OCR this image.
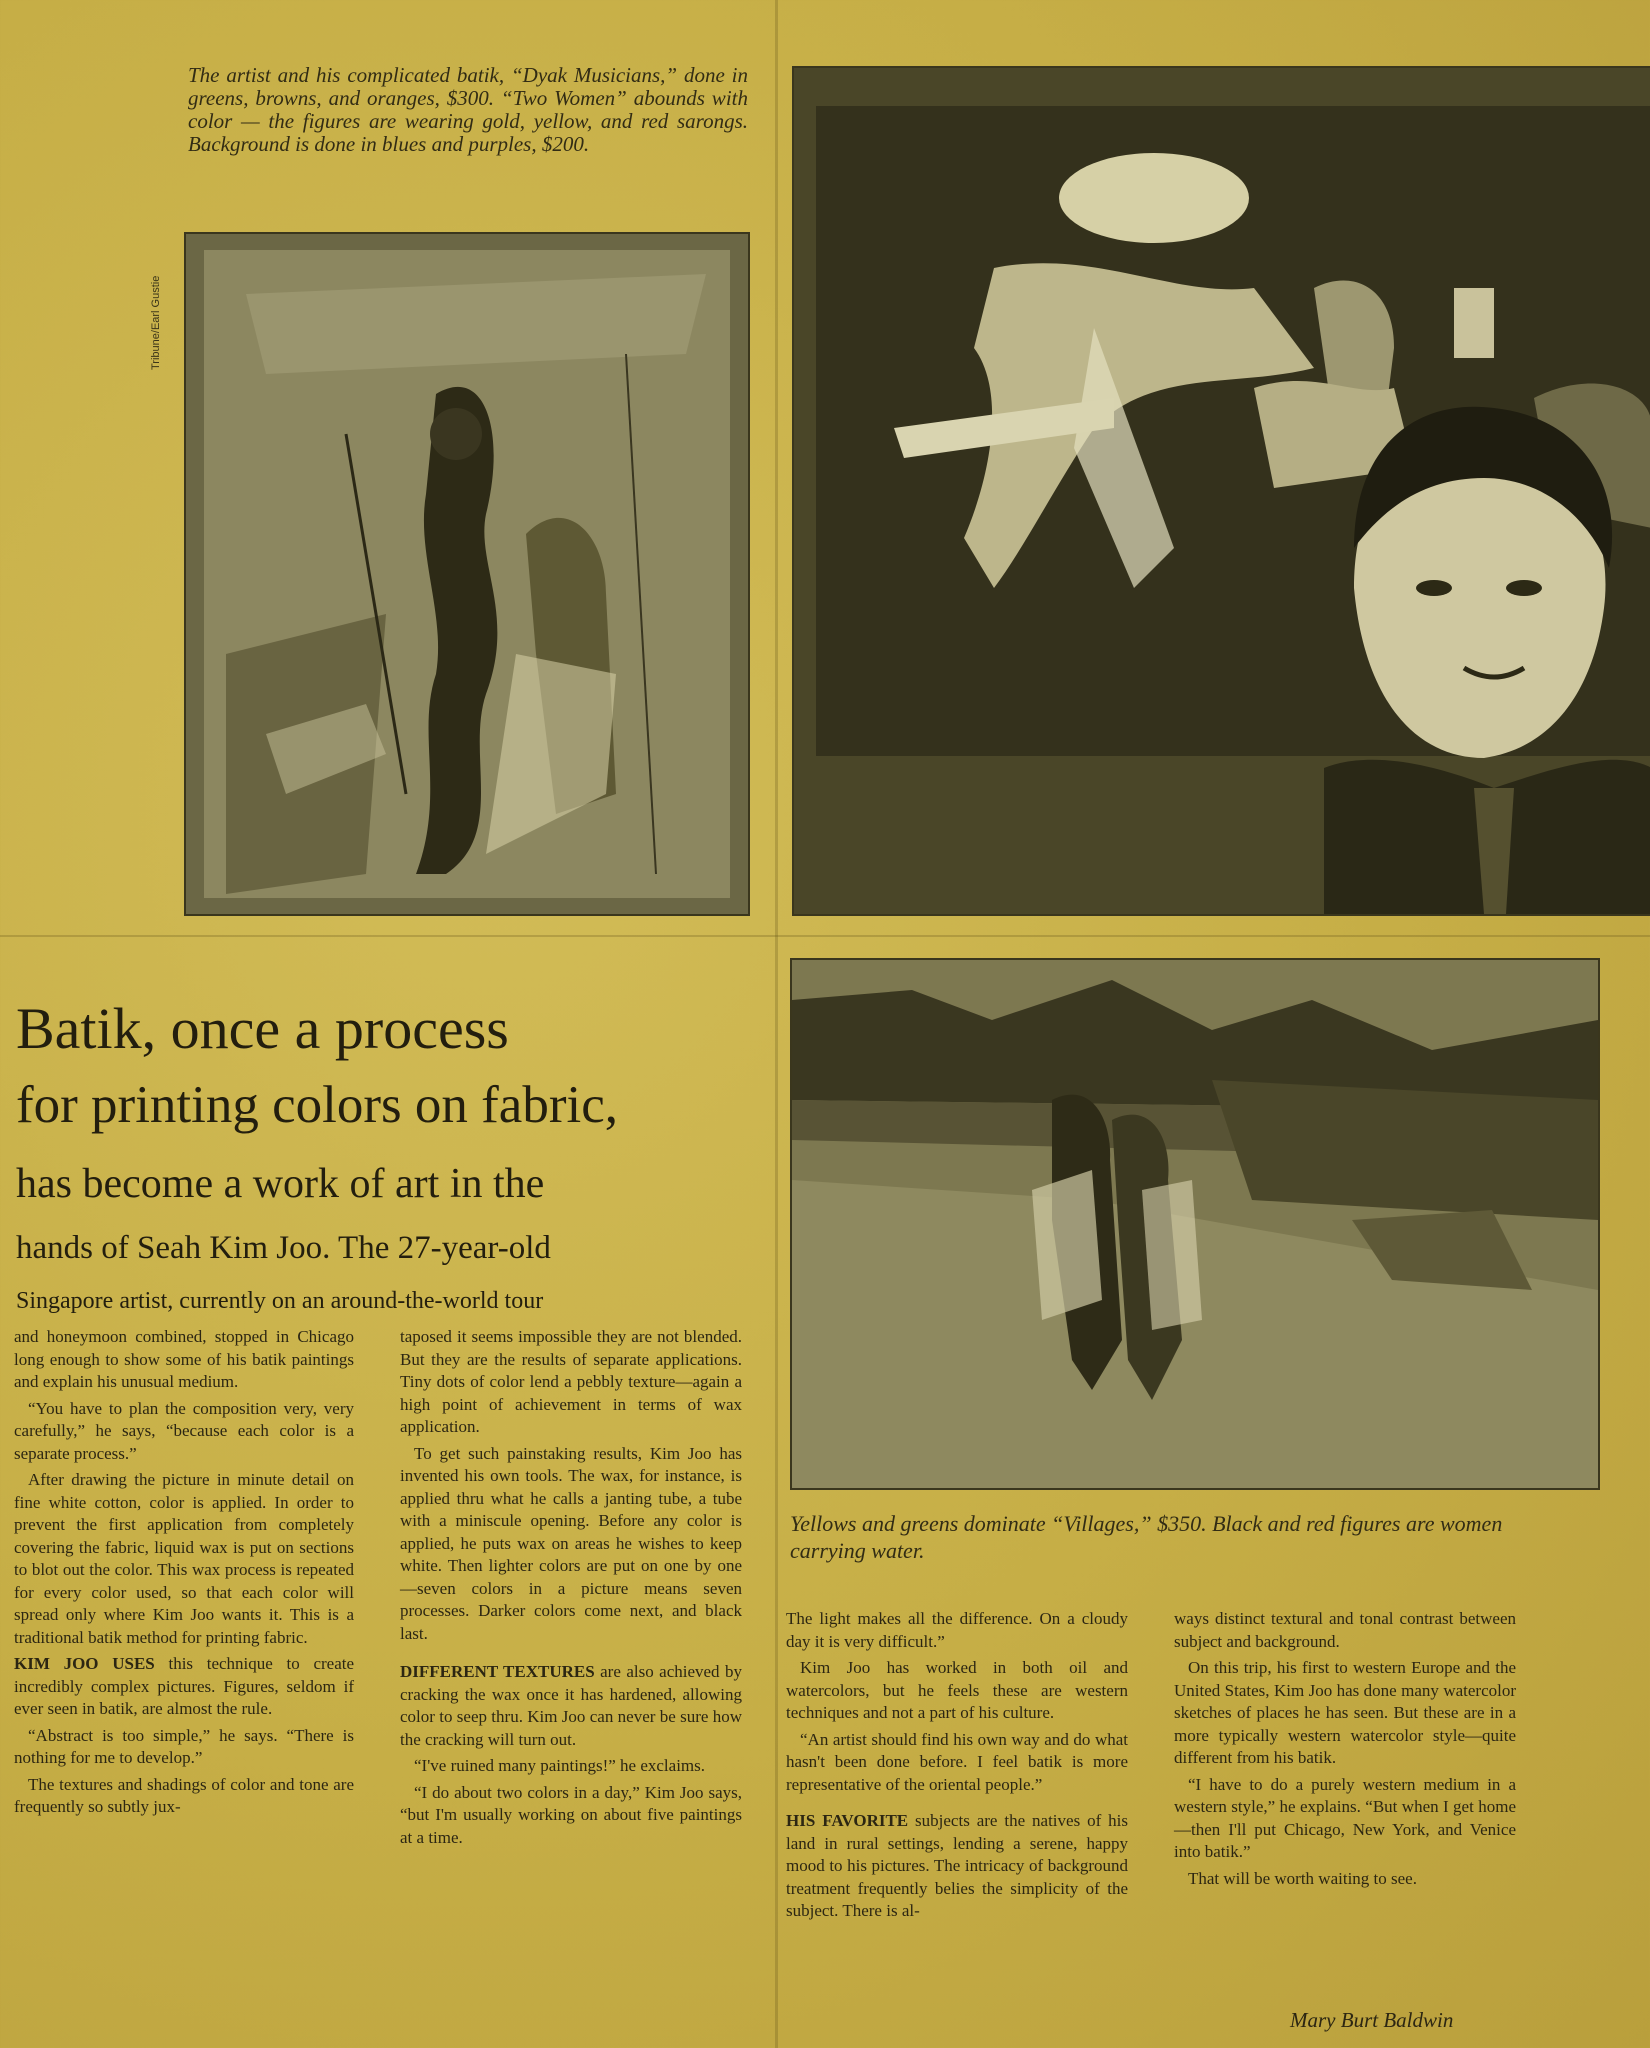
The artist and his complicated batik, “Dyak Musicians,” done in greens, browns, and oranges, $300. “Two Women” abounds with color — the figures are wearing gold, yellow, and red sarongs. Background is done in blues and purples, $200.
Tribune/Earl Gustie
Yellows and greens dominate “Villages,” $350. Black and red figures are women carrying water.
Batik, once a process
for printing colors on fabric,
has become a work of art in the
hands of Seah Kim Joo. The 27-year-old
Singapore artist, currently on an around-the-world tour

and honeymoon combined, stopped in Chicago long enough to show some of his batik paintings and explain his unusual medium.

“You have to plan the composition very, very carefully,” he says, “because each color is a separate process.”

After drawing the picture in minute detail on fine white cotton, color is applied. In order to prevent the first application from completely covering the fabric, liquid wax is put on sections to blot out the color. This wax process is repeated for every color used, so that each color will spread only where Kim Joo wants it. This is a traditional batik method for printing fabric.

KIM JOO USES this technique to create incredibly complex pictures. Figures, seldom if ever seen in batik, are almost the rule.

“Abstract is too simple,” he says. “There is nothing for me to develop.”

The textures and shadings of color and tone are frequently so subtly jux-

taposed it seems impossible they are not blended. But they are the results of separate applications. Tiny dots of color lend a pebbly texture—again a high point of achievement in terms of wax application.

To get such painstaking results, Kim Joo has invented his own tools. The wax, for instance, is applied thru what he calls a janting tube, a tube with a miniscule opening. Before any color is applied, he puts wax on areas he wishes to keep white. Then lighter colors are put on one by one—seven colors in a picture means seven processes. Darker colors come next, and black last.

DIFFERENT TEXTURES are also achieved by cracking the wax once it has hardened, allowing color to seep thru. Kim Joo can never be sure how the cracking will turn out.

“I've ruined many paintings!” he exclaims.

“I do about two colors in a day,” Kim Joo says, “but I'm usually working on about five paintings at a time.

The light makes all the difference. On a cloudy day it is very difficult.”

Kim Joo has worked in both oil and watercolors, but he feels these are western techniques and not a part of his culture.

“An artist should find his own way and do what hasn't been done before. I feel batik is more representative of the oriental people.”

HIS FAVORITE subjects are the natives of his land in rural settings, lending a serene, happy mood to his pictures. The intricacy of background treatment frequently belies the simplicity of the subject. There is al-

ways distinct textural and tonal contrast between subject and background.

On this trip, his first to western Europe and the United States, Kim Joo has done many watercolor sketches of places he has seen. But these are in a more typically western watercolor style—quite different from his batik.

“I have to do a purely western medium in a western style,” he explains. “But when I get home—then I'll put Chicago, New York, and Venice into batik.”

That will be worth waiting to see.

Mary Burt Baldwin
